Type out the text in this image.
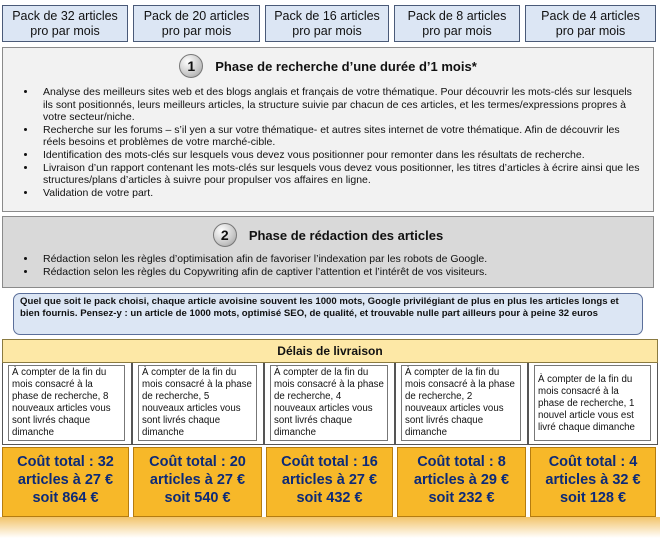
Pack de 32 articles
pro par mois
Pack de 20 articles
pro par mois
Pack de 16 articles
pro par mois
Pack de 8 articles
pro par mois
Pack de 4 articles
pro par mois
1	Phase de recherche d’une durée d’1 mois*
• Analyse des meilleurs sites web et des blogs anglais et français de votre thématique. Pour découvrir les mots-clés sur lesquels ils sont positionnés, leurs meilleurs articles, la structure suivie par chacun de ces articles, et les termes/expressions propres à votre secteur/niche.
• Recherche sur les forums – s’il yen a sur votre thématique- et autres sites internet de votre thématique. Afin de découvrir les réels besoins et problèmes de votre marché-cible.
• Identification des mots-clés sur lesquels vous devez vous positionner pour remonter dans les résultats de recherche.
• Livraison d’un rapport contenant les mots-clés sur lesquels vous devez vous positionner, les titres d’articles à écrire ainsi que les structures/plans d’articles à suivre pour propulser vos affaires en ligne.
• Validation de votre part.
2	Phase de rédaction des articles
• Rédaction selon les règles d’optimisation afin de favoriser l’indexation par les robots de Google.
• Rédaction selon les règles du Copywriting afin de captiver l’attention et l’intérêt de vos visiteurs.
Quel que soit le pack choisi, chaque article avoisine souvent les 1000 mots, Google privilégiant de plus en plus les articles longs et bien fournis. Pensez-y : un article de 1000 mots, optimisé SEO, de qualité, et trouvable nulle part ailleurs pour à peine 32 euros
Délais de livraison
À compter de la fin du mois consacré à la phase de recherche, 8 nouveaux articles vous sont livrés chaque dimanche
À compter de la fin du mois consacré à la phase de recherche, 5 nouveaux articles vous sont livrés chaque dimanche
À compter de la fin du mois consacré à la phase de recherche, 4 nouveaux articles vous sont livrés chaque dimanche
À compter de la fin du mois consacré à la phase de recherche, 2 nouveaux articles vous sont livrés chaque dimanche
À compter de la fin du mois consacré à la phase de recherche, 1 nouvel article vous est livré chaque dimanche
Coût total : 32
articles à 27 €
soit 864 €
Coût total : 20
articles à 27 €
soit 540 €
Coût total : 16
articles à 27 €
soit 432 €
Coût total : 8
articles à 29 €
soit 232 €
Coût total : 4
articles à 32 €
soit 128 €
